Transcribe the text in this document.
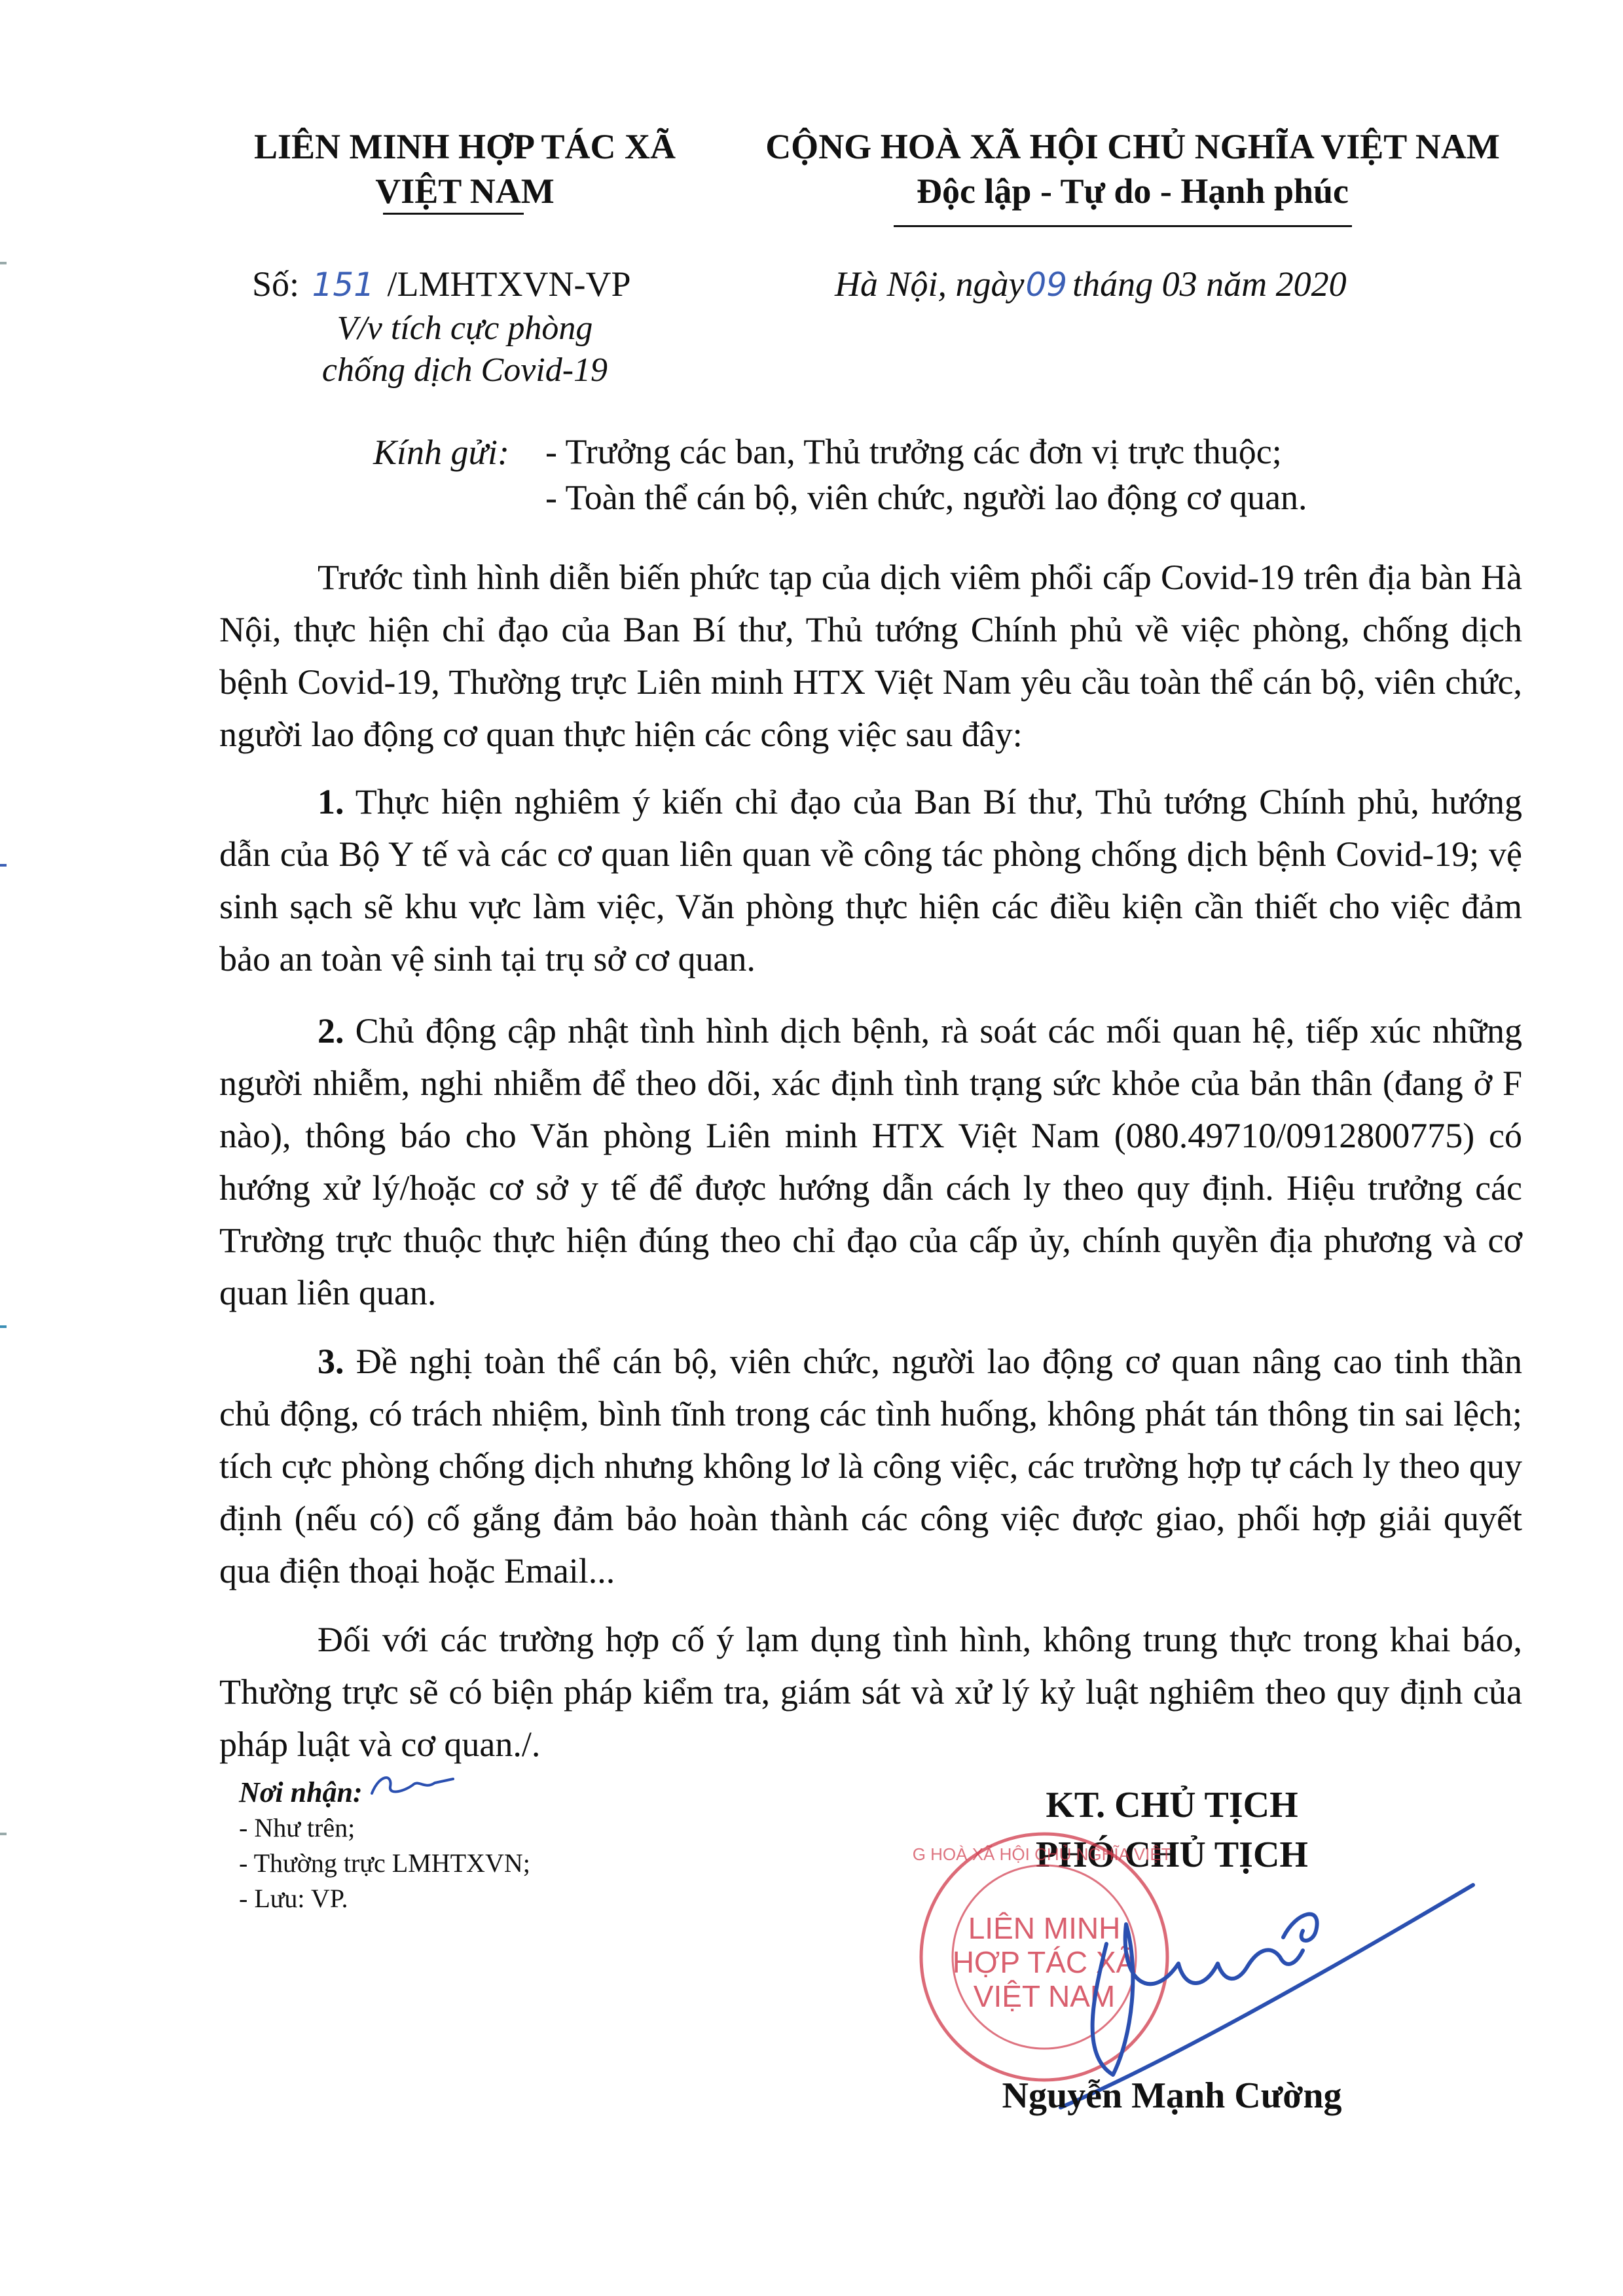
LIÊN MINH HỢP TÁC XÃ
VIỆT NAM
CỘNG HOÀ XÃ HỘI CHỦ NGHĨA VIỆT NAM
Độc lập - Tự do - Hạnh phúc
Số: 151 /LMHTXVN-VP
V/v tích cực phòng
chống dịch Covid-19
Hà Nội, ngày09 tháng 03 năm 2020
Kính gửi: - Trưởng các ban, Thủ trưởng các đơn vị trực thuộc;
- Toàn thể cán bộ, viên chức, người lao động cơ quan.
Trước tình hình diễn biến phức tạp của dịch viêm phổi cấp Covid-19 trên địa bàn Hà Nội, thực hiện chỉ đạo của Ban Bí thư, Thủ tướng Chính phủ về việc phòng, chống dịch bệnh Covid-19, Thường trực Liên minh HTX Việt Nam yêu cầu toàn thể cán bộ, viên chức, người lao động cơ quan thực hiện các công việc sau đây:
1. Thực hiện nghiêm ý kiến chỉ đạo của Ban Bí thư, Thủ tướng Chính phủ, hướng dẫn của Bộ Y tế và các cơ quan liên quan về công tác phòng chống dịch bệnh Covid-19; vệ sinh sạch sẽ khu vực làm việc, Văn phòng thực hiện các điều kiện cần thiết cho việc đảm bảo an toàn vệ sinh tại trụ sở cơ quan.
2. Chủ động cập nhật tình hình dịch bệnh, rà soát các mối quan hệ, tiếp xúc những người nhiễm, nghi nhiễm để theo dõi, xác định tình trạng sức khỏe của bản thân (đang ở F nào), thông báo cho Văn phòng Liên minh HTX Việt Nam (080.49710/0912800775) có hướng xử lý/hoặc cơ sở y tế để được hướng dẫn cách ly theo quy định. Hiệu trưởng các Trường trực thuộc thực hiện đúng theo chỉ đạo của cấp ủy, chính quyền địa phương và cơ quan liên quan.
3. Đề nghị toàn thể cán bộ, viên chức, người lao động cơ quan nâng cao tinh thần chủ động, có trách nhiệm, bình tĩnh trong các tình huống, không phát tán thông tin sai lệch; tích cực phòng chống dịch nhưng không lơ là công việc, các trường hợp tự cách ly theo quy định (nếu có) cố gắng đảm bảo hoàn thành các công việc được giao, phối hợp giải quyết qua điện thoại hoặc Email...
Đối với các trường hợp cố ý lạm dụng tình hình, không trung thực trong khai báo, Thường trực sẽ có biện pháp kiểm tra, giám sát và xử lý kỷ luật nghiêm theo quy định của pháp luật và cơ quan./.
Nơi nhận:
- Như trên;
- Thường trực LMHTXVN;
- Lưu: VP.
KT. CHỦ TỊCH
PHÓ CHỦ TỊCH
G HOÀ XÃ HỘI CHỦ NGHĨA VIỆT
LIÊN MINH
HỢP TÁC XÃ
VIỆT NAM
Nguyễn Mạnh Cường
